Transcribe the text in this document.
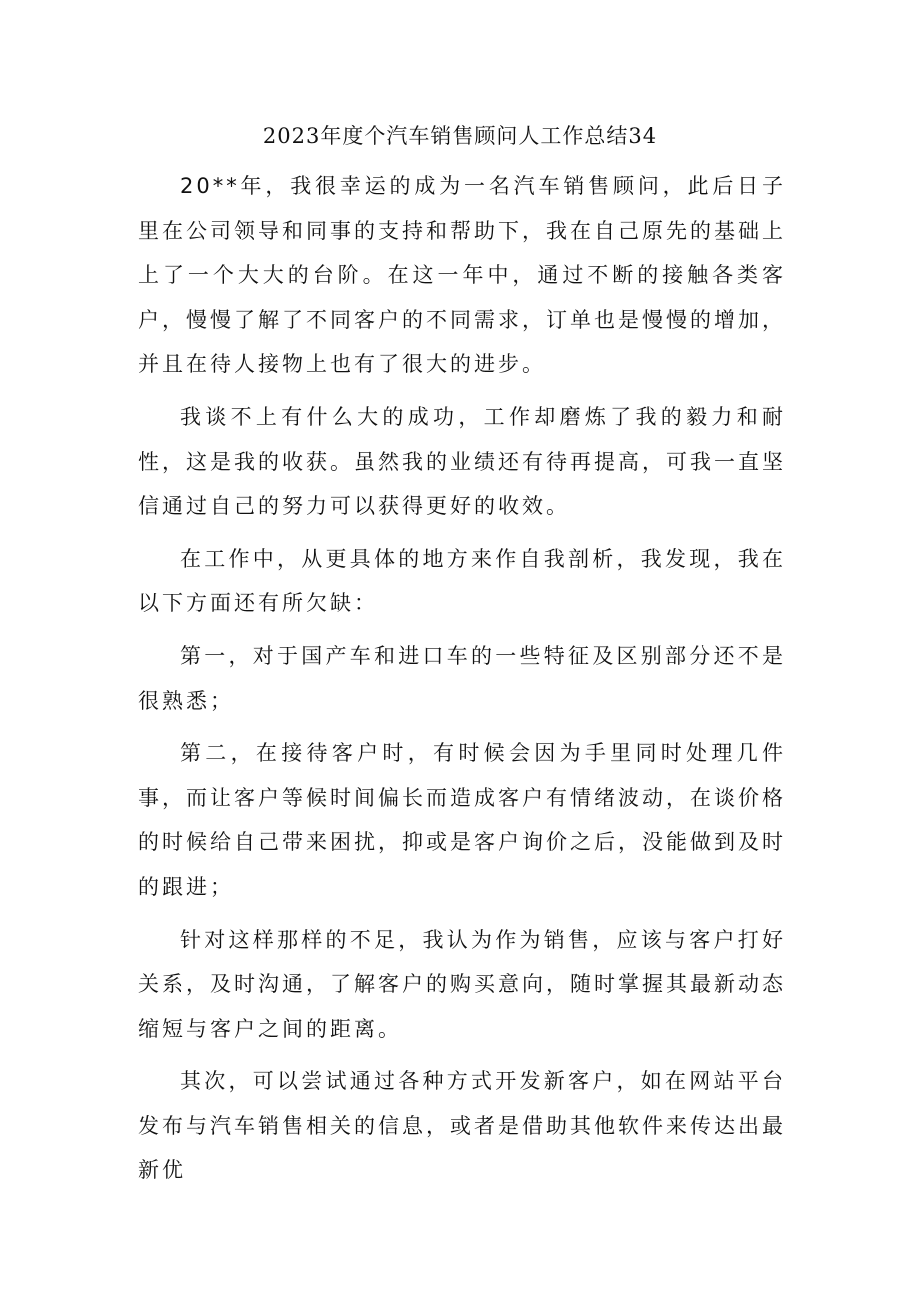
2023年度个汽车销售顾问人工作总结34

20**年，我很幸运的成为一名汽车销售顾问，此后日子里在公司领导和同事的支持和帮助下，我在自己原先的基础上上了一个大大的台阶。在这一年中，通过不断的接触各类客户，慢慢了解了不同客户的不同需求，订单也是慢慢的增加，并且在待人接物上也有了很大的进步。

我谈不上有什么大的成功，工作却磨炼了我的毅力和耐性，这是我的收获。虽然我的业绩还有待再提高，可我一直坚信通过自己的努力可以获得更好的收效。

在工作中，从更具体的地方来作自我剖析，我发现，我在以下方面还有所欠缺：

第一，对于国产车和进口车的一些特征及区别部分还不是很熟悉；

第二，在接待客户时，有时候会因为手里同时处理几件事，而让客户等候时间偏长而造成客户有情绪波动，在谈价格的时候给自己带来困扰，抑或是客户询价之后，没能做到及时的跟进；

针对这样那样的不足，我认为作为销售，应该与客户打好关系，及时沟通，了解客户的购买意向，随时掌握其最新动态缩短与客户之间的距离。

其次，可以尝试通过各种方式开发新客户，如在网站平台发布与汽车销售相关的信息，或者是借助其他软件来传达出最新优
